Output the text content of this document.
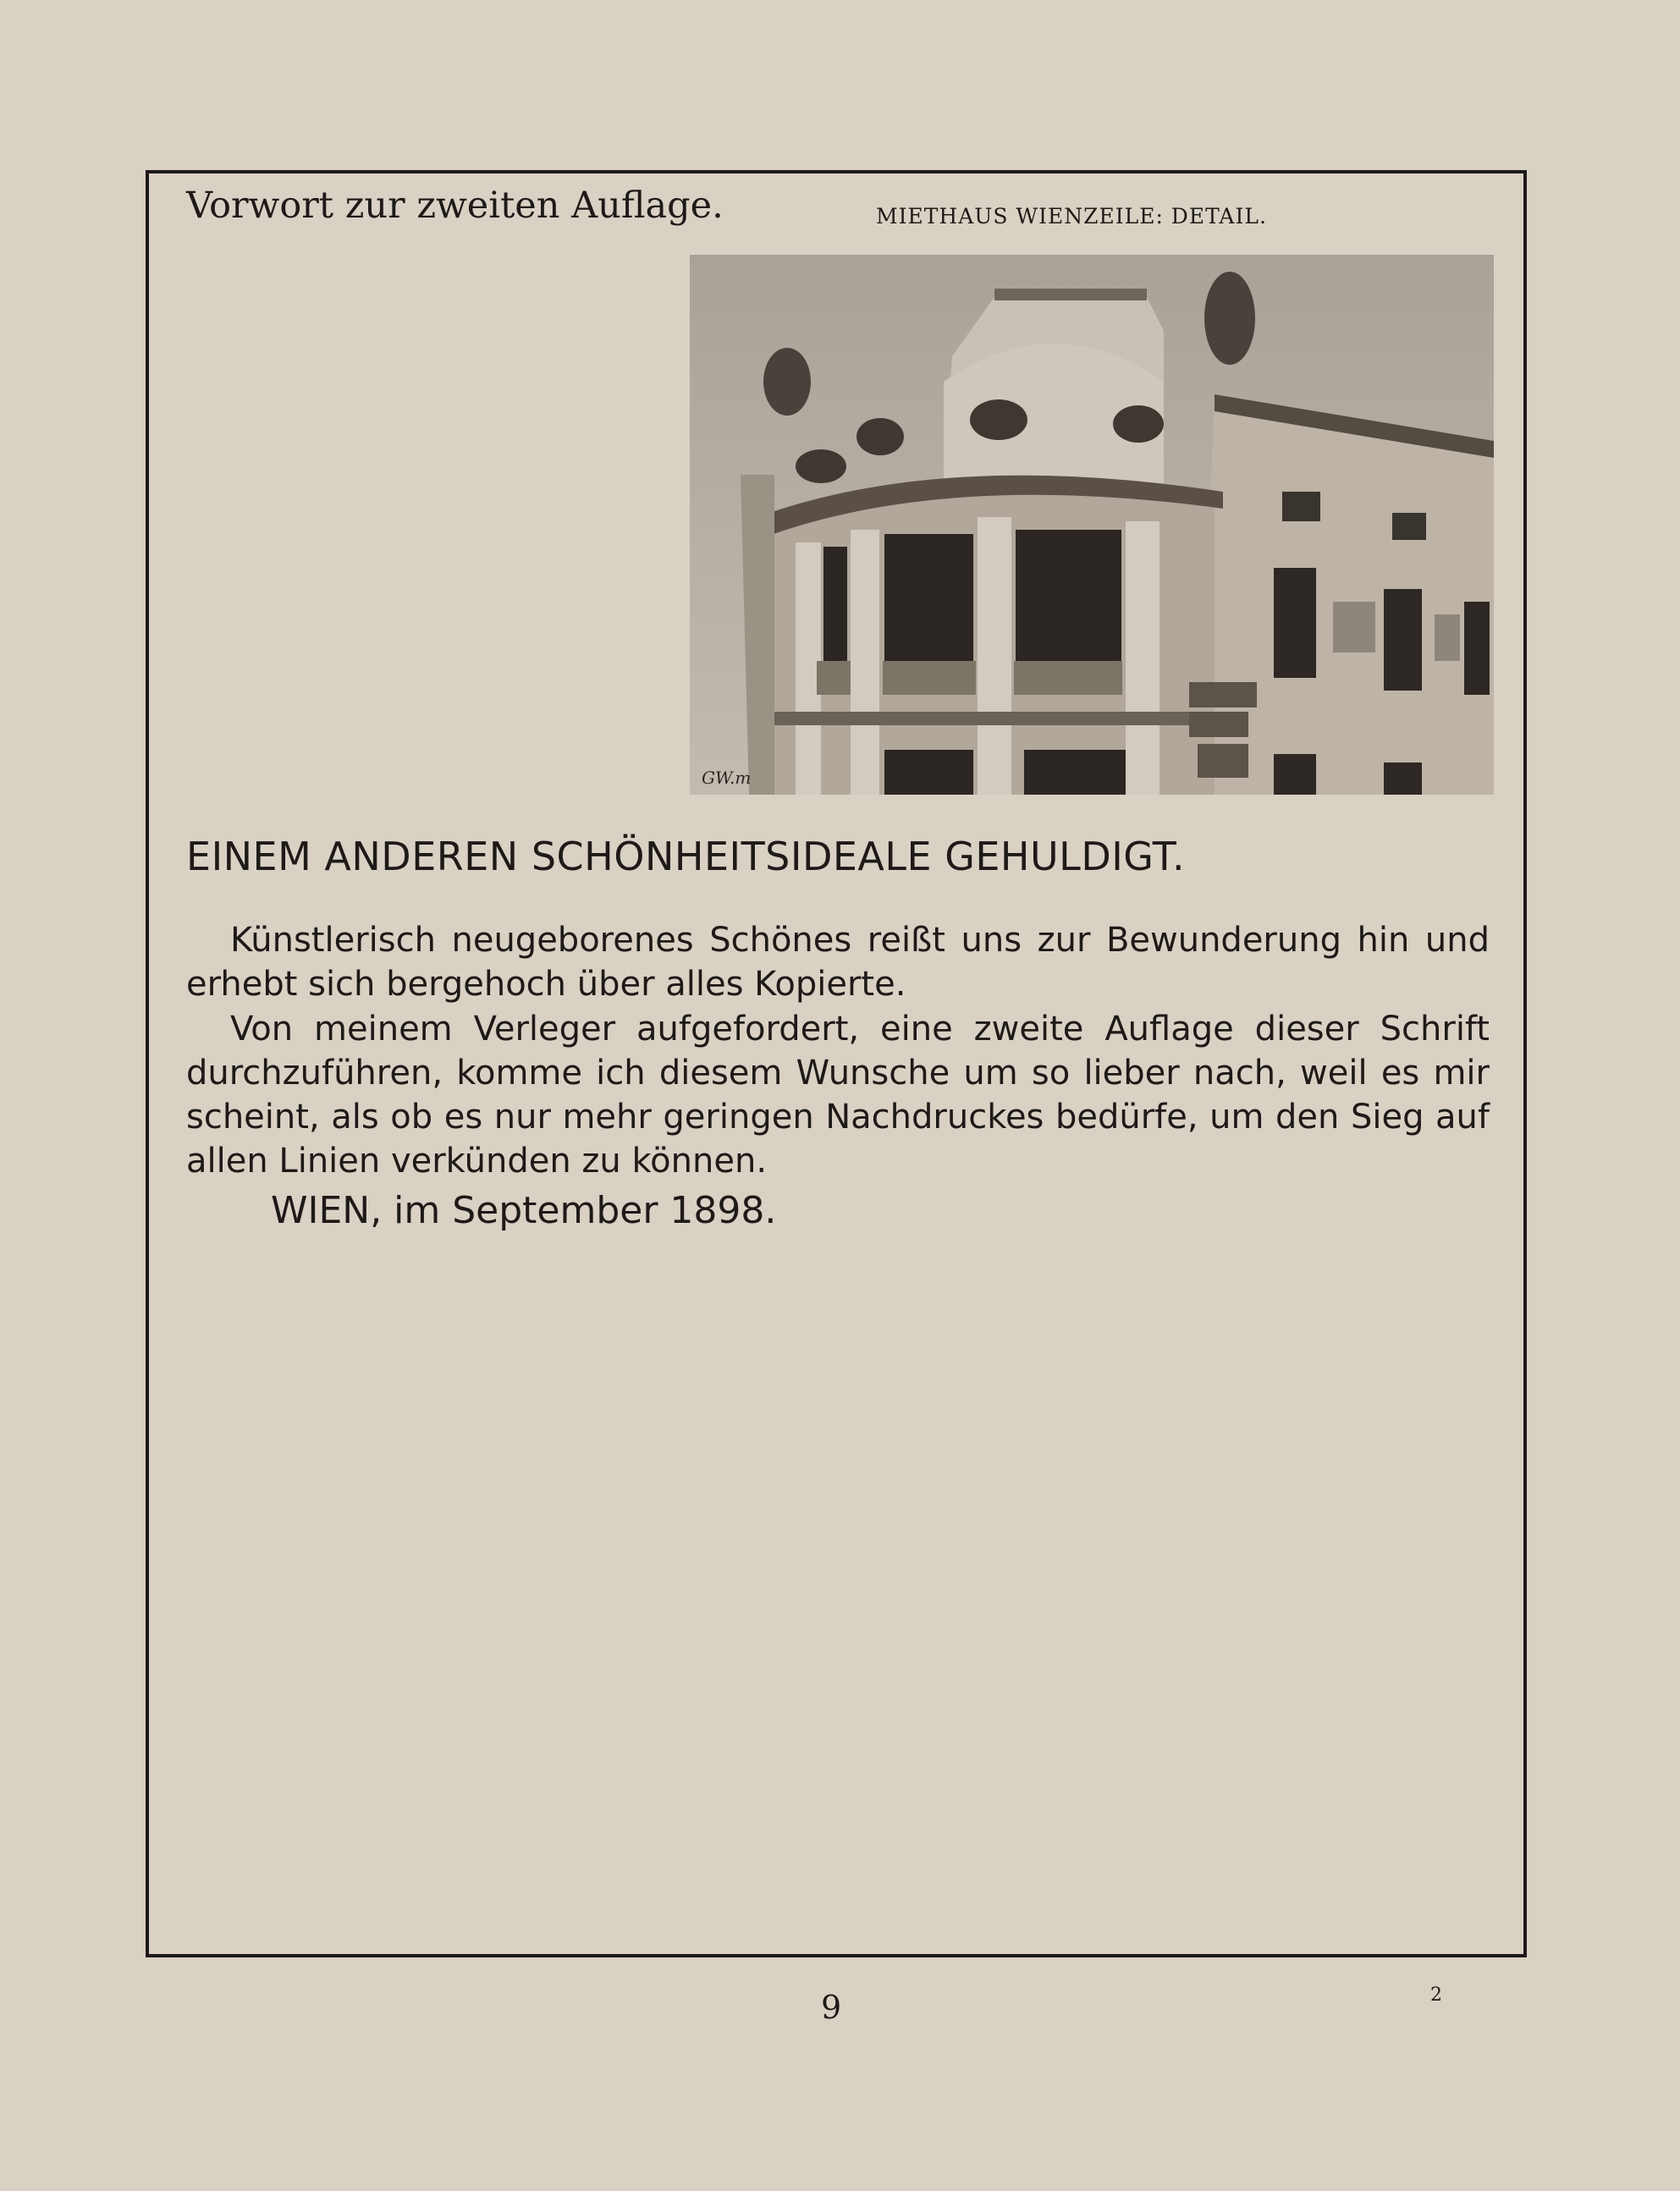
Vorwort zur zweiten Auflage.	MIETHAUS WIENZEILE: DETAIL.
GW.m
EINEM ANDEREN SCHÖNHEITSIDEALE GEHULDIGT.

Künstlerisch neugeborenes Schönes reißt uns zur Bewunderung hin und erhebt sich bergehoch über alles Kopierte.

Von meinem Verleger aufgefordert, eine zweite Auflage dieser Schrift durchzuführen, komme ich diesem Wunsche um so lieber nach, weil es mir scheint, als ob es nur mehr geringen Nachdruckes bedürfe, um den Sieg auf allen Linien verkünden zu können.

WIEN, im September 1898.
9	2
